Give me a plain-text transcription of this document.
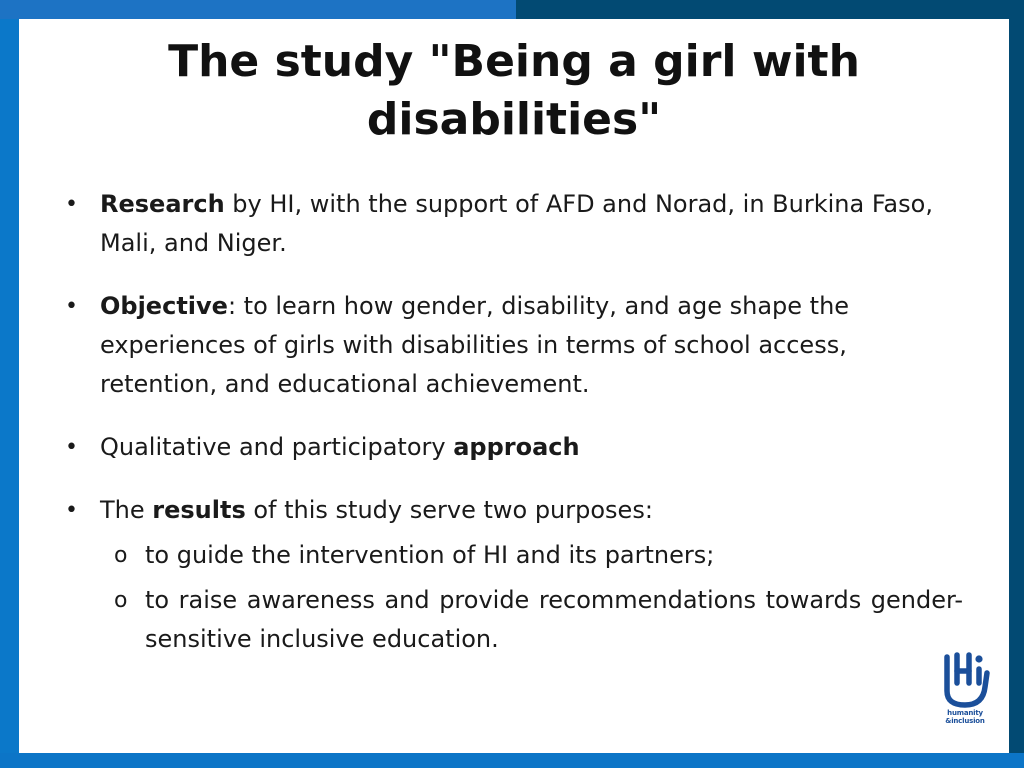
The study "Being a girl with disabilities"
• Research by HI, with the support of AFD and Norad, in Burkina Faso, Mali, and Niger.
• Objective: to learn how gender, disability, and age shape the experiences of girls with disabilities in terms of school access, retention, and educational achievement.
• Qualitative and participatory approach
• The results of this study serve two purposes:
o to guide the intervention of HI and its partners;
o to raise awareness and provide recommendations towards gender-sensitive inclusive education.
humanity
&inclusion
